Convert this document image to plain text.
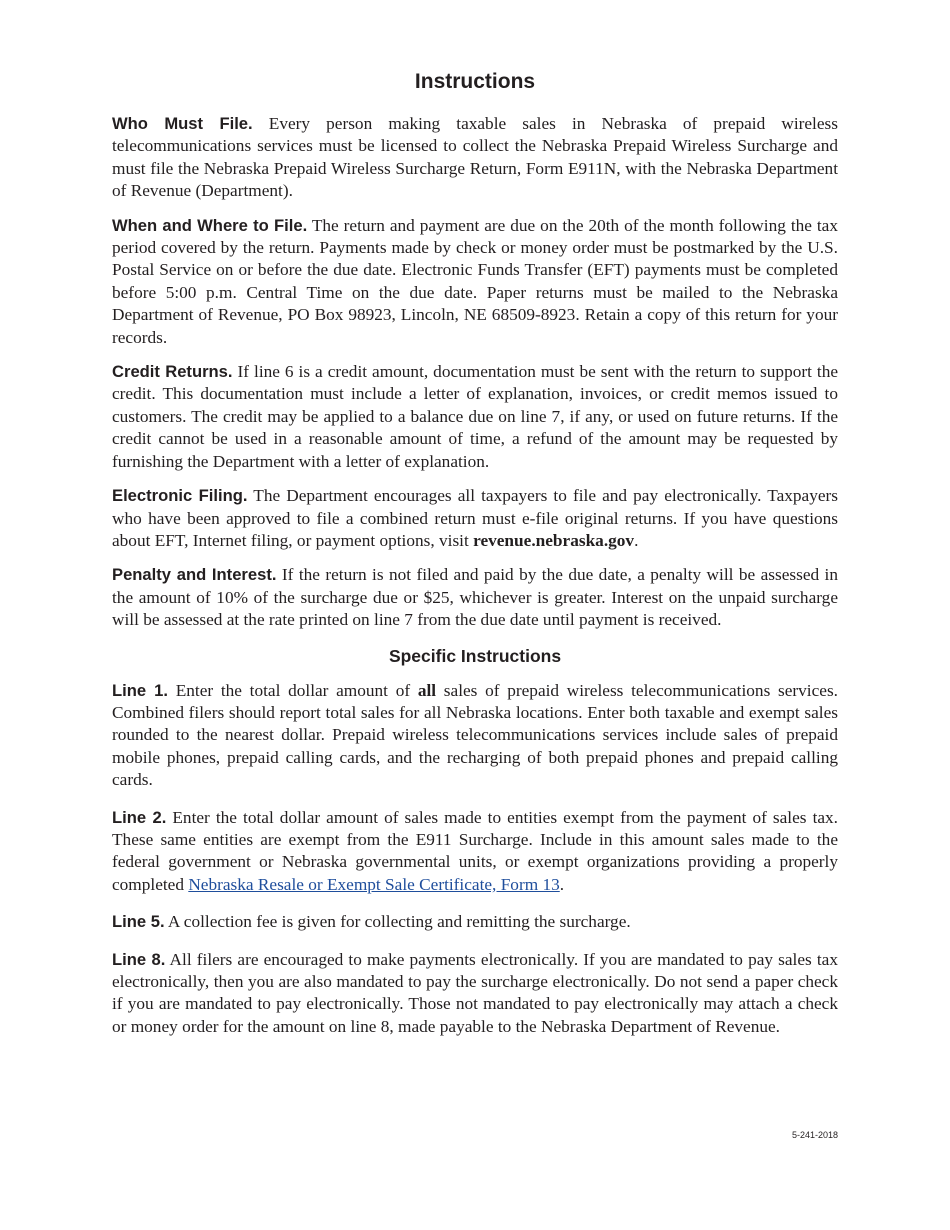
Instructions

Who Must File. Every person making taxable sales in Nebraska of prepaid wireless telecommunications services must be licensed to collect the Nebraska Prepaid Wireless Surcharge and must file the Nebraska Prepaid Wireless Surcharge Return, Form E911N, with the Nebraska Department of Revenue (Department).

When and Where to File. The return and payment are due on the 20th of the month following the tax period covered by the return. Payments made by check or money order must be postmarked by the U.S. Postal Service on or before the due date. Electronic Funds Transfer (EFT) payments must be completed before 5:00 p.m. Central Time on the due date. Paper returns must be mailed to the Nebraska Department of Revenue, PO Box 98923, Lincoln, NE 68509-8923. Retain a copy of this return for your records.

Credit Returns. If line 6 is a credit amount, documentation must be sent with the return to support the credit. This documentation must include a letter of explanation, invoices, or credit memos issued to customers. The credit may be applied to a balance due on line 7, if any, or used on future returns. If the credit cannot be used in a reasonable amount of time, a refund of the amount may be requested by furnishing the Department with a letter of explanation.

Electronic Filing. The Department encourages all taxpayers to file and pay electronically. Taxpayers who have been approved to file a combined return must e-file original returns. If you have questions about EFT, Internet filing, or payment options, visit revenue.nebraska.gov.

Penalty and Interest. If the return is not filed and paid by the due date, a penalty will be assessed in the amount of 10% of the surcharge due or $25, whichever is greater. Interest on the unpaid surcharge will be assessed at the rate printed on line 7 from the due date until payment is received.

Specific Instructions

Line 1. Enter the total dollar amount of all sales of prepaid wireless telecommunications services. Combined filers should report total sales for all Nebraska locations. Enter both taxable and exempt sales rounded to the nearest dollar. Prepaid wireless telecommunications services include sales of prepaid mobile phones, prepaid calling cards, and the recharging of both prepaid phones and prepaid calling cards.

Line 2. Enter the total dollar amount of sales made to entities exempt from the payment of sales tax. These same entities are exempt from the E911 Surcharge. Include in this amount sales made to the federal government or Nebraska governmental units, or exempt organizations providing a properly completed Nebraska Resale or Exempt Sale Certificate, Form 13.

Line 5. A collection fee is given for collecting and remitting the surcharge.

Line 8. All filers are encouraged to make payments electronically. If you are mandated to pay sales tax electronically, then you are also mandated to pay the surcharge electronically. Do not send a paper check if you are mandated to pay electronically. Those not mandated to pay electronically may attach a check or money order for the amount on line 8, made payable to the Nebraska Department of Revenue.

5-241-2018
